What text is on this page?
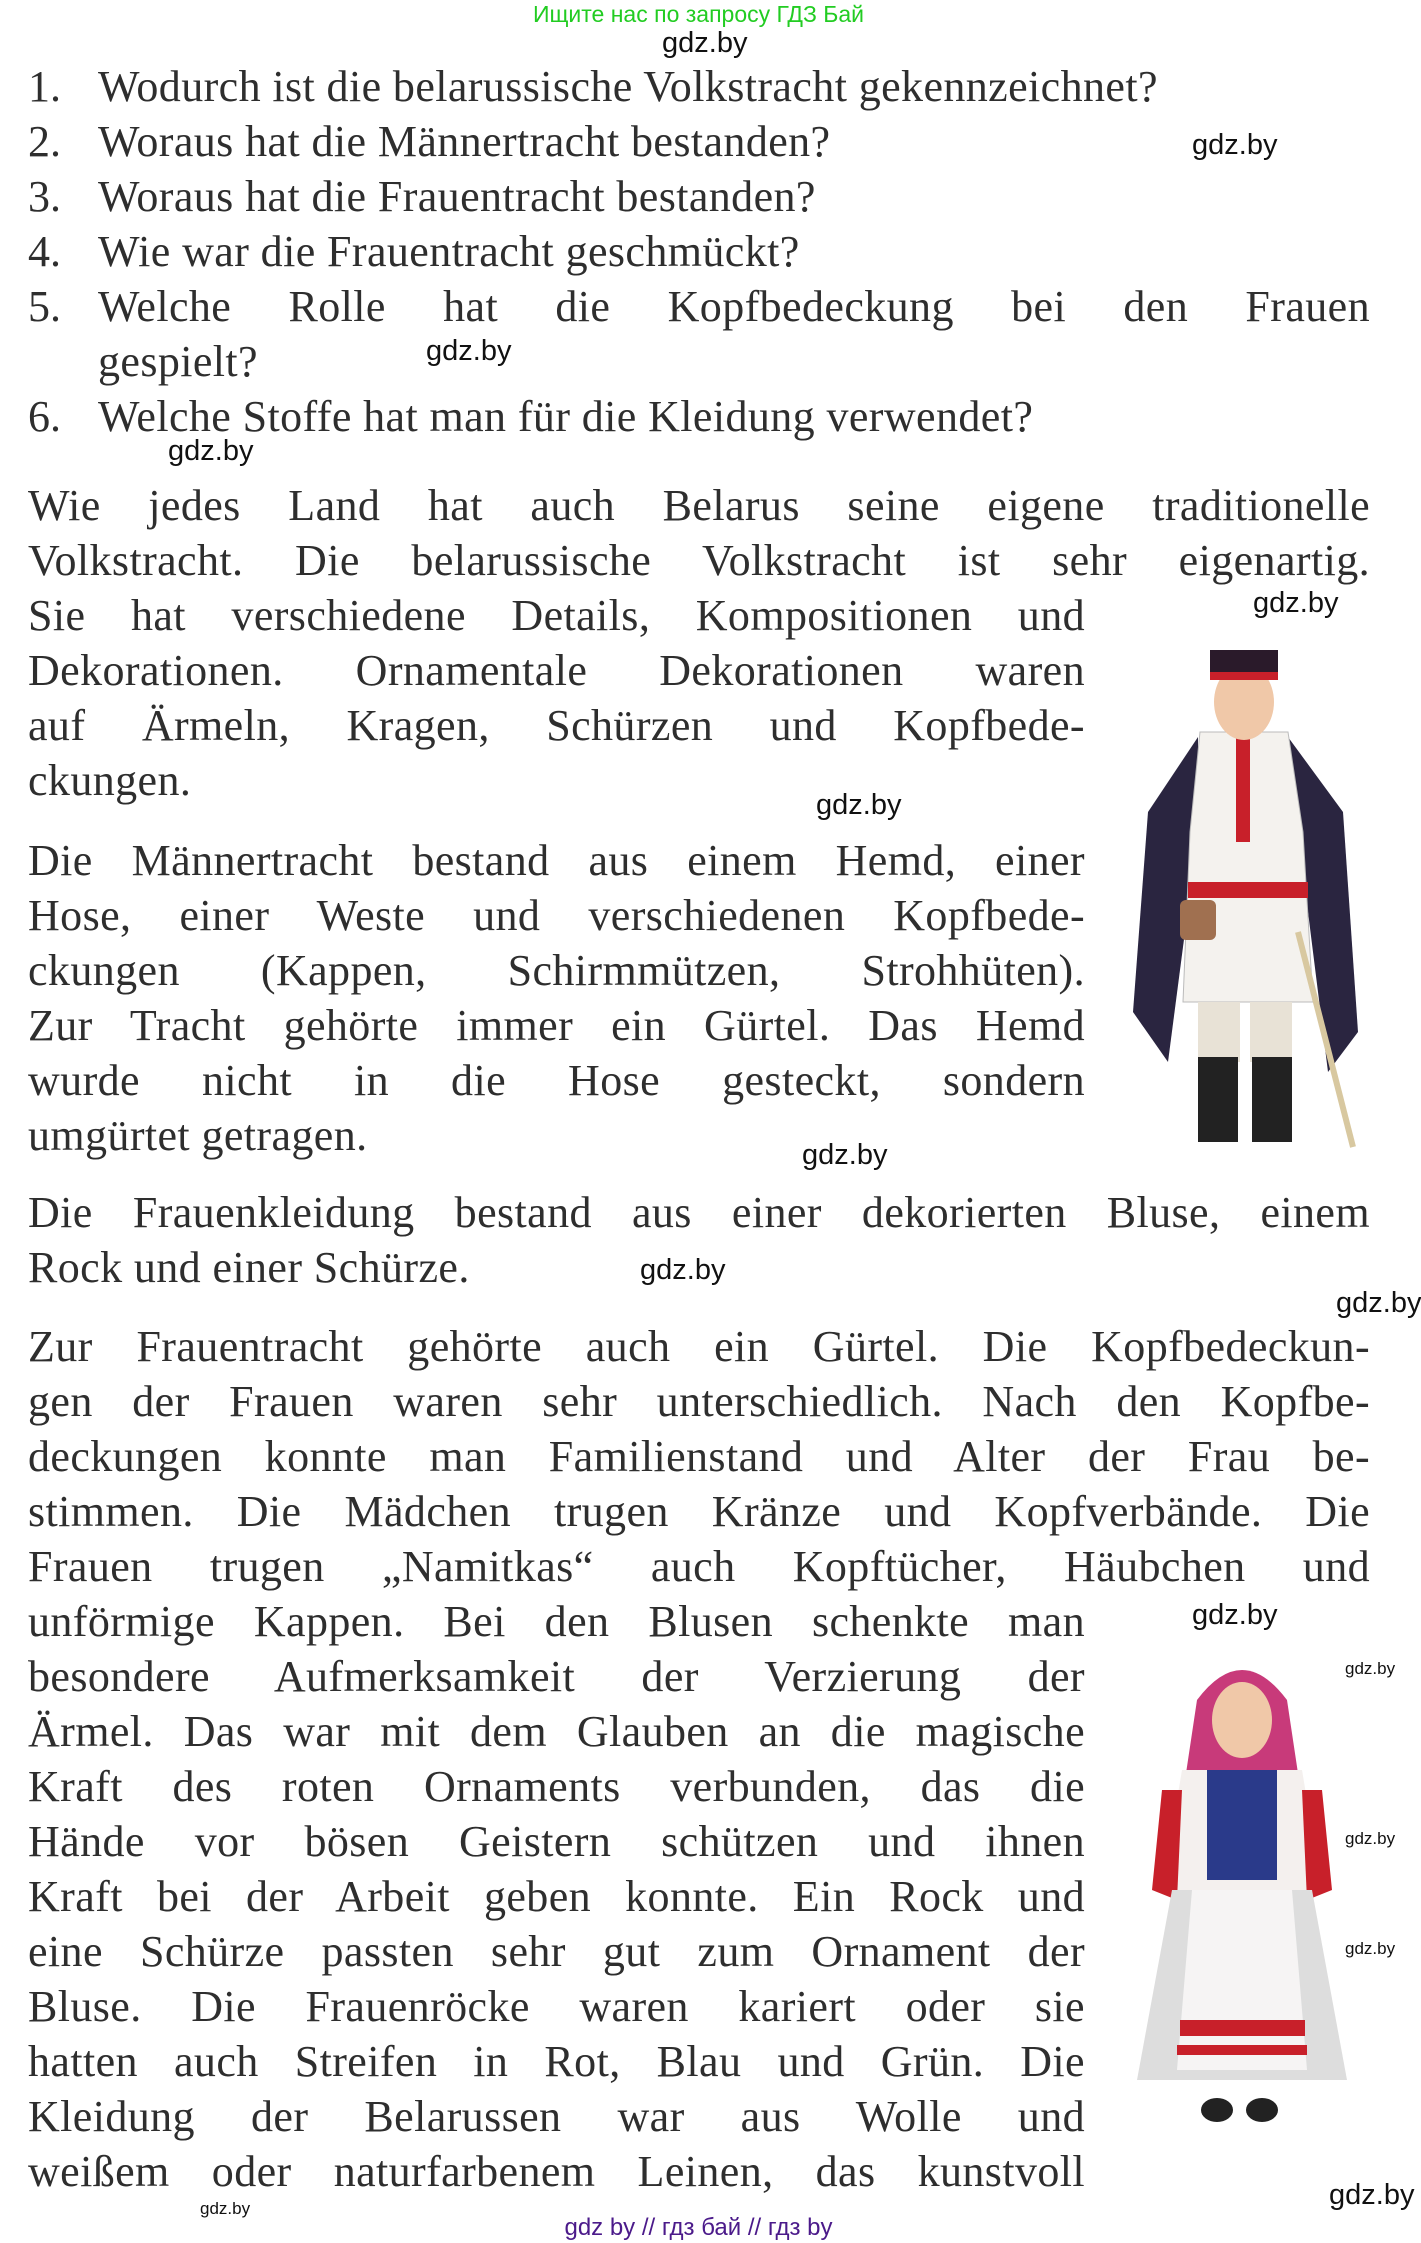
Ищите нас по запросу ГДЗ Бай
1. Wodurch ist die belarussische Volkstracht gekennzeichnet?
2. Woraus hat die Männertracht bestanden?
3. Woraus hat die Frauentracht bestanden?
4. Wie war die Frauentracht geschmückt?
5. Welche Rolle hat die Kopfbedeckung bei den Frauen
gespielt?
6. Welche Stoffe hat man für die Kleidung verwendet?
Wie jedes Land hat auch Belarus seine eigene traditionelle
Volkstracht. Die belarussische Volkstracht ist sehr eigenartig.
Sie hat verschiedene Details, Kompositionen und
Dekorationen. Ornamentale Dekorationen waren
auf Ärmeln, Kragen, Schürzen und Kopfbede-
ckungen.
Die Männertracht bestand aus einem Hemd, einer
Hose, einer Weste und verschiedenen Kopfbede-
ckungen (Kappen, Schirmmützen, Strohhüten).
Zur Tracht gehörte immer ein Gürtel. Das Hemd
wurde nicht in die Hose gesteckt, sondern
umgürtet getragen.
Die Frauenkleidung bestand aus einer dekorierten Bluse, einem
Rock und einer Schürze.
Zur Frauentracht gehörte auch ein Gürtel. Die Kopfbedeckun-
gen der Frauen waren sehr unterschiedlich. Nach den Kopfbe-
deckungen konnte man Familienstand und Alter der Frau be-
stimmen. Die Mädchen trugen Kränze und Kopfverbände. Die
Frauen trugen „Namitkas“ auch Kopftücher, Häubchen und
unförmige Kappen. Bei den Blusen schenkte man
besondere Aufmerksamkeit der Verzierung der
Ärmel. Das war mit dem Glauben an die magische
Kraft des roten Ornaments verbunden, das die
Hände vor bösen Geistern schützen und ihnen
Kraft bei der Arbeit geben konnte. Ein Rock und
eine Schürze passten sehr gut zum Ornament der
Bluse. Die Frauenröcke waren kariert oder sie
hatten auch Streifen in Rot, Blau und Grün. Die
Kleidung der Belarussen war aus Wolle und
weißem oder naturfarbenem Leinen, das kunstvoll
gdz.by
gdz.by
gdz.by
gdz.by
gdz.by
gdz.by
gdz.by
gdz.by
gdz.by
gdz.by
gdz.by
gdz.by
gdz.by
gdz.by	gdz.by
gdz by // гдз бай // гдз by
